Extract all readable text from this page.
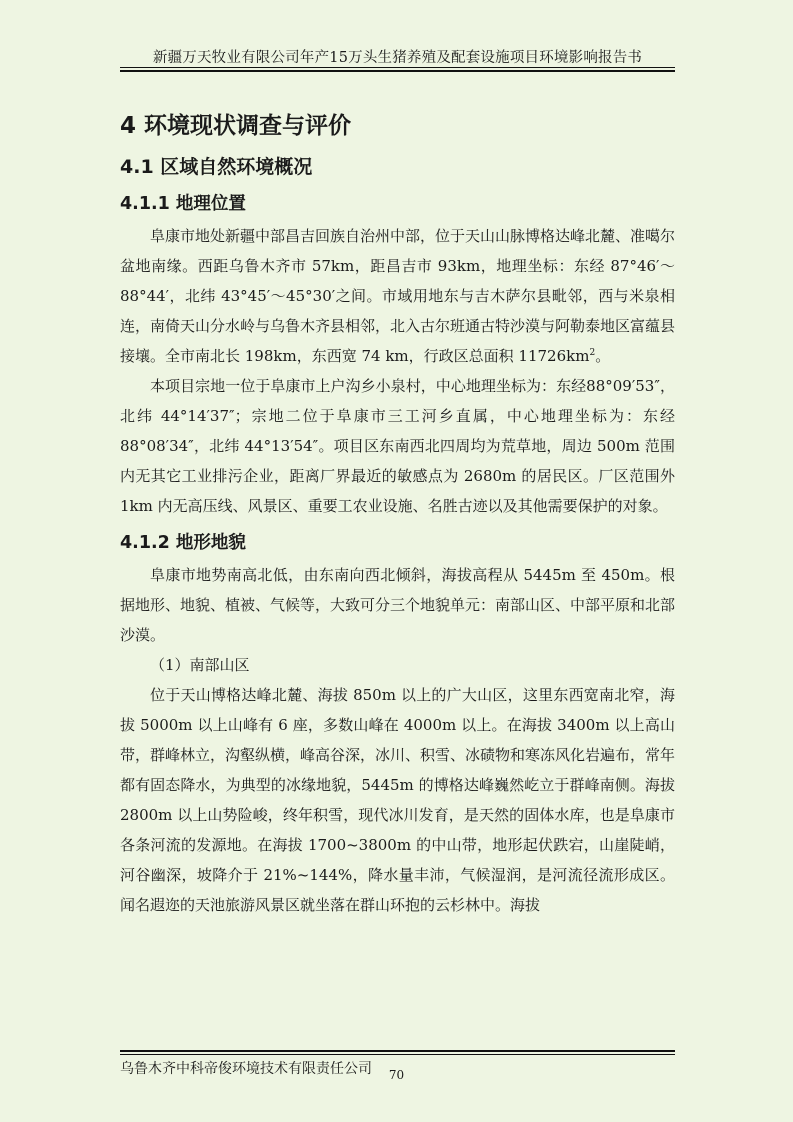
新疆万天牧业有限公司年产15万头生猪养殖及配套设施项目环境影响报告书
4 环境现状调查与评价
4.1 区域自然环境概况
4.1.1 地理位置

阜康市地处新疆中部昌吉回族自治州中部，位于天山山脉博格达峰北麓、准噶尔盆地南缘。西距乌鲁木齐市 57km，距昌吉市 93km，地理坐标：东经 87°46′～88°44′，北纬 43°45′～45°30′之间。市域用地东与吉木萨尔县毗邻，西与米泉相连，南倚天山分水岭与乌鲁木齐县相邻，北入古尔班通古特沙漠与阿勒泰地区富蕴县接壤。全市南北长 198km，东西宽 74 km，行政区总面积 $11726km^2$。

本项目宗地一位于阜康市上户沟乡小泉村，中心地理坐标为：东经88°09′53″，北纬 44°14′37″；宗地二位于阜康市三工河乡直属，中心地理坐标为：东经 88°08′34″，北纬 44°13′54″。项目区东南西北四周均为荒草地，周边 500m 范围内无其它工业排污企业，距离厂界最近的敏感点为 2680m 的居民区。厂区范围外 1km 内无高压线、风景区、重要工农业设施、名胜古迹以及其他需要保护的对象。

4.1.2 地形地貌

阜康市地势南高北低，由东南向西北倾斜，海拔高程从 5445m 至 450m。根据地形、地貌、植被、气候等，大致可分三个地貌单元：南部山区、中部平原和北部沙漠。

（1）南部山区

位于天山博格达峰北麓、海拔 850m 以上的广大山区，这里东西宽南北窄，海拔 5000m 以上山峰有 6 座，多数山峰在 4000m 以上。在海拔 3400m 以上高山带，群峰林立，沟壑纵横，峰高谷深，冰川、积雪、冰碛物和寒冻风化岩遍布，常年都有固态降水，为典型的冰缘地貌，5445m 的博格达峰巍然屹立于群峰南侧。海拔 2800m 以上山势险峻，终年积雪，现代冰川发育，是天然的固体水库，也是阜康市各条河流的发源地。在海拔 1700~3800m 的中山带，地形起伏跌宕，山崖陡峭，河谷幽深，坡降介于 21%~144%，降水量丰沛，气候湿润，是河流径流形成区。闻名遐迩的天池旅游风景区就坐落在群山环抱的云杉林中。海拔

乌鲁木齐中科帝俊环境技术有限责任公司	70
